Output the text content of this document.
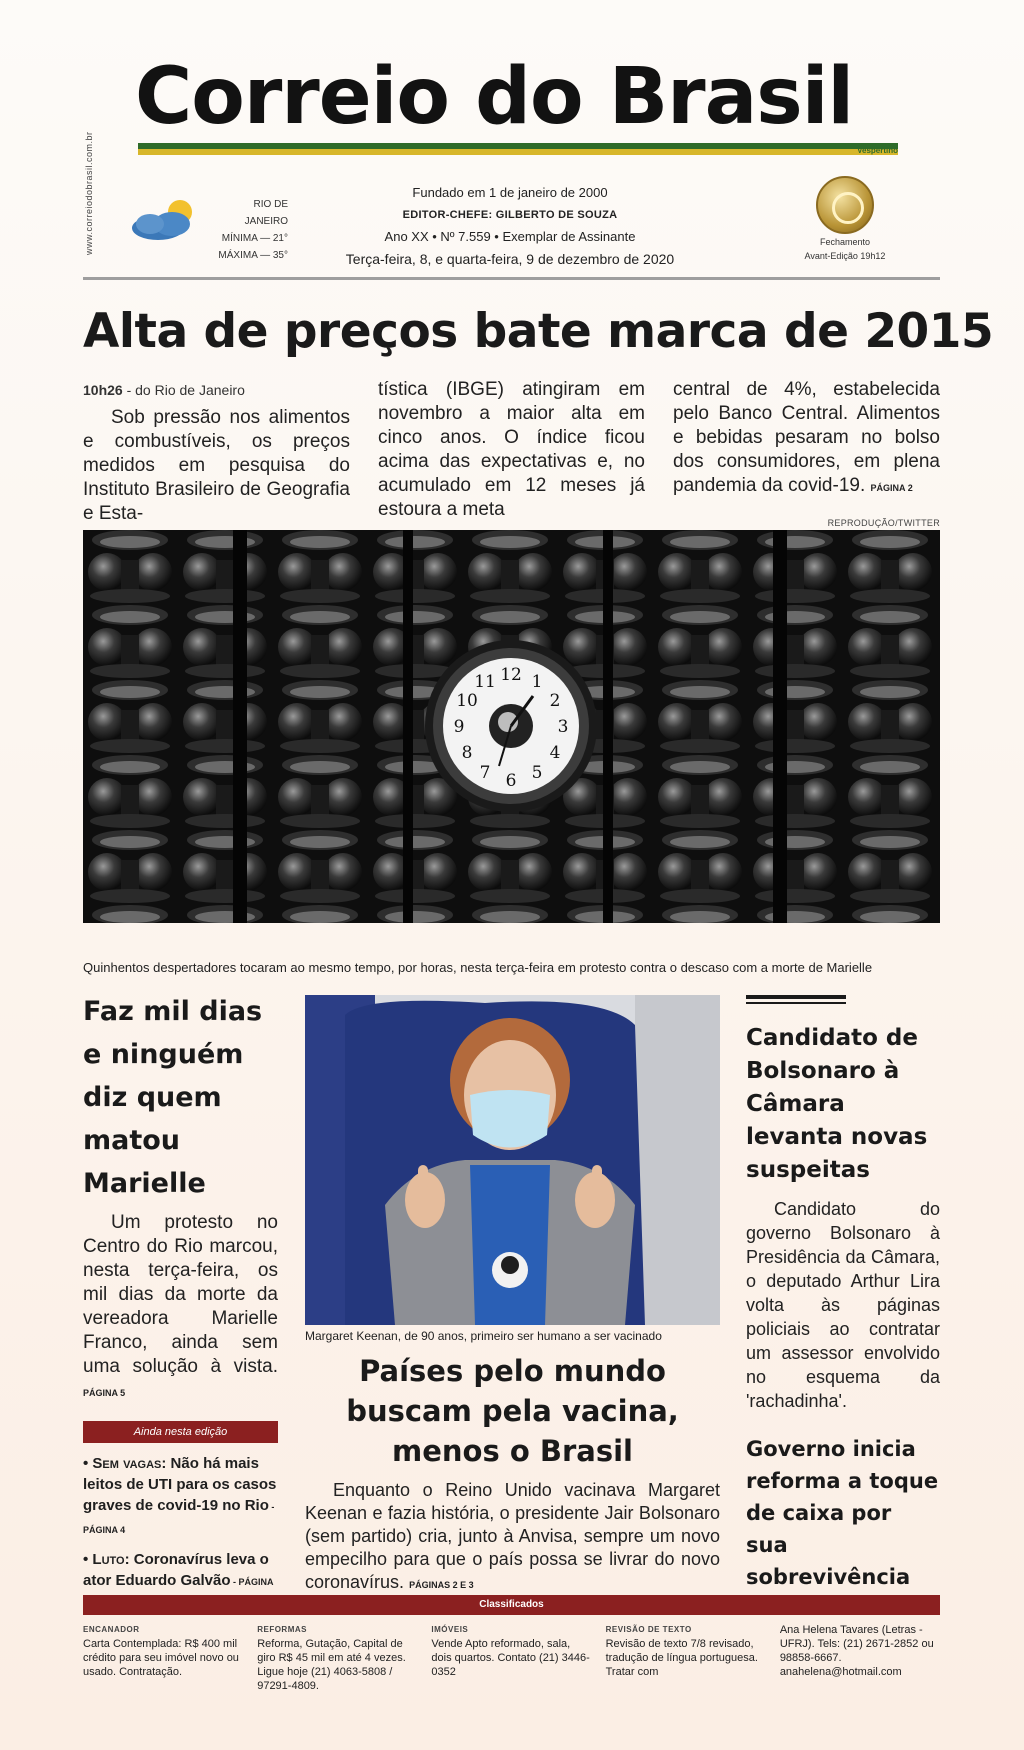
www.correiodobrasil.com.br
Correio do Brasil
Vespertino
RIO DE JANEIRO
MÍNIMA — 21°
MÁXIMA — 35°
Fundado em 1 de janeiro de 2000
EDITOR-CHEFE: GILBERTO DE SOUZA
Ano XX • Nº 7.559 • Exemplar de Assinante
Terça-feira, 8, e quarta-feira, 9 de dezembro de 2020
Fechamento
Avant-Edição 19h12
Alta de preços bate marca de 2015
10h26 - do Rio de Janeiro
Sob pressão nos alimentos e combustíveis, os preços medidos em pesquisa do Instituto Brasileiro de Geografia e Esta-
tística (IBGE) atingiram em novembro a maior alta em cinco anos. O índice ficou acima das expectativas e, no acumulado em 12 meses já estoura a meta
central de 4%, estabelecida pelo Banco Central. Alimentos e bebidas pesaram no bolso dos consumidores, em plena pandemia da covid-19. PÁGINA 2
REPRODUÇÃO/TWITTER
12 1
2
3
4
5
6
7
8
9
10
11
Quinhentos despertadores tocaram ao mesmo tempo, por horas, nesta terça-feira em protesto contra o descaso com a morte de Marielle
Faz mil dias e ninguém diz quem matou Marielle

Um protesto no Centro do Rio marcou, nesta terça-feira, os mil dias da morte da vereadora Marielle Franco, ainda sem uma solução à vista. PÁGINA 5

Ainda nesta edição
• Sem vagas: Não há mais leitos de UTI para os casos graves de covid-19 no Rio - PÁGINA 4
• Luto: Coronavírus leva o ator Eduardo Galvão - PÁGINA
Margaret Keenan, de 90 anos, primeiro ser humano a ser vacinado
Países pelo mundo buscam pela vacina, menos o Brasil

Enquanto o Reino Unido vacinava Margaret Keenan e fazia história, o presidente Jair Bolsonaro (sem partido) cria, junto à Anvisa, sempre um novo empecilho para que o país possa se livrar do novo coronavírus. PÁGINAS 2 E 3

Candidato de Bolsonaro à Câmara levanta novas suspeitas

Candidato do governo Bolsonaro à Presidência da Câmara, o deputado Arthur Lira volta às páginas policiais ao contratar um assessor envolvido no esquema da 'rachadinha'.

Governo inicia reforma a toque de caixa por sua sobrevivência
Classificados
ENCANADOR
Carta Contemplada: R$ 400 mil crédito para seu imóvel novo ou usado. Contratação.
REFORMAS
Reforma, Gutação, Capital de giro R$ 45 mil em até 4 vezes. Ligue hoje (21) 4063-5808 / 97291-4809.
IMÓVEIS
Vende Apto reformado, sala, dois quartos. Contato (21) 3446-0352
REVISÃO DE TEXTO
Revisão de texto 7/8 revisado, tradução de língua portuguesa. Tratar com
Ana Helena Tavares (Letras - UFRJ). Tels: (21) 2671-2852 ou 98858-6667. anahelena@hotmail.com
